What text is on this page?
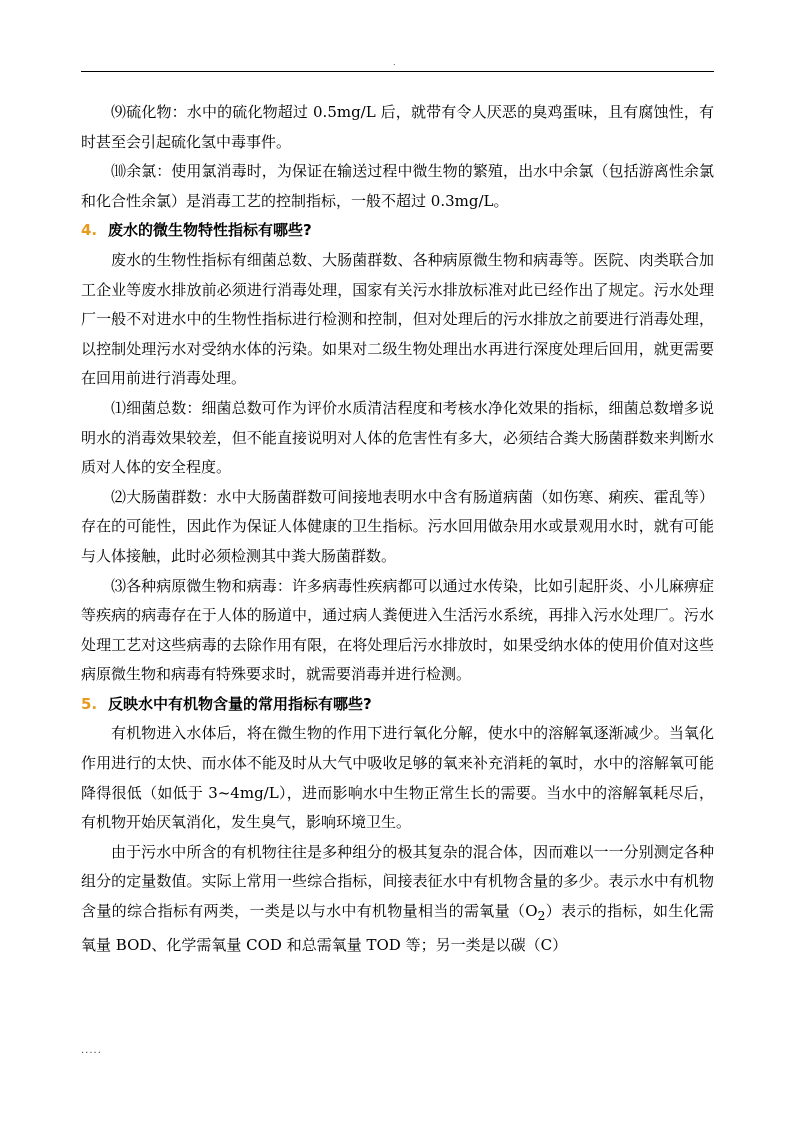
.

⑼硫化物：水中的硫化物超过 0.5mg/L 后，就带有令人厌恶的臭鸡蛋味，且有腐蚀性，有时甚至会引起硫化氢中毒事件。

⑽余氯：使用氯消毒时，为保证在输送过程中微生物的繁殖，出水中余氯（包括游离性余氯和化合性余氯）是消毒工艺的控制指标，一般不超过 0.3mg/L。

4. 废水的微生物特性指标有哪些?

废水的生物性指标有细菌总数、大肠菌群数、各种病原微生物和病毒等。医院、肉类联合加工企业等废水排放前必须进行消毒处理，国家有关污水排放标准对此已经作出了规定。污水处理厂一般不对进水中的生物性指标进行检测和控制，但对处理后的污水排放之前要进行消毒处理，以控制处理污水对受纳水体的污染。如果对二级生物处理出水再进行深度处理后回用，就更需要在回用前进行消毒处理。

⑴细菌总数：细菌总数可作为评价水质清洁程度和考核水净化效果的指标，细菌总数增多说明水的消毒效果较差，但不能直接说明对人体的危害性有多大，必须结合粪大肠菌群数来判断水质对人体的安全程度。

⑵大肠菌群数：水中大肠菌群数可间接地表明水中含有肠道病菌（如伤寒、痢疾、霍乱等）存在的可能性，因此作为保证人体健康的卫生指标。污水回用做杂用水或景观用水时，就有可能与人体接触，此时必须检测其中粪大肠菌群数。

⑶各种病原微生物和病毒：许多病毒性疾病都可以通过水传染，比如引起肝炎、小儿麻痹症等疾病的病毒存在于人体的肠道中，通过病人粪便进入生活污水系统，再排入污水处理厂。污水处理工艺对这些病毒的去除作用有限，在将处理后污水排放时，如果受纳水体的使用价值对这些病原微生物和病毒有特殊要求时，就需要消毒并进行检测。

5. 反映水中有机物含量的常用指标有哪些?

有机物进入水体后，将在微生物的作用下进行氧化分解，使水中的溶解氧逐渐减少。当氧化作用进行的太快、而水体不能及时从大气中吸收足够的氧来补充消耗的氧时，水中的溶解氧可能降得很低（如低于 3~4mg/L），进而影响水中生物正常生长的需要。当水中的溶解氧耗尽后，有机物开始厌氧消化，发生臭气，影响环境卫生。

由于污水中所含的有机物往往是多种组分的极其复杂的混合体，因而难以一一分别测定各种组分的定量数值。实际上常用一些综合指标，间接表征水中有机物含量的多少。表示水中有机物含量的综合指标有两类，一类是以与水中有机物量相当的需氧量$(O_2)$表示的指标，如生化需氧量 BOD、化学需氧量 COD 和总需氧量 TOD 等；另一类是以碳（C）

.....
